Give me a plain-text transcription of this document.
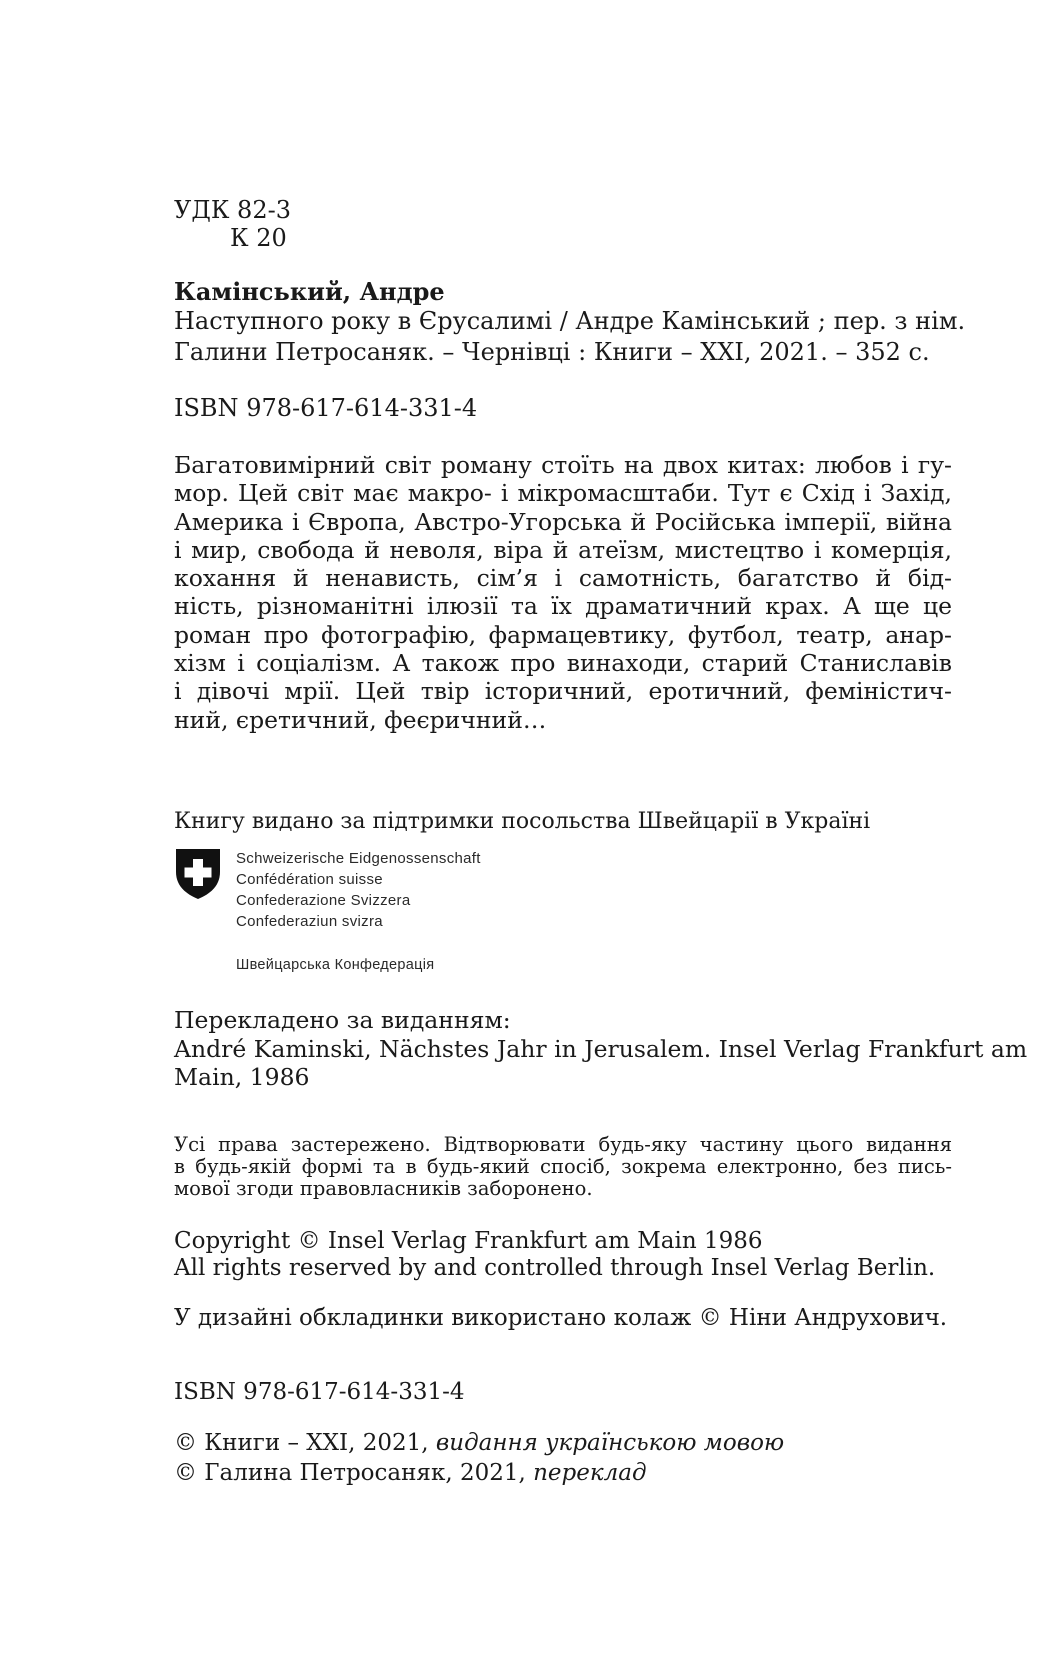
УДК 82-3
К 20
Камінський, Андре
Наступного року в Єрусалимі / Андре Камінський ; пер. з нім.
Галини Петросаняк. – Чернівці : Книги – ХХІ, 2021. – 352 с.
ISBN 978-617-614-331-4
Багатовимірний світ роману стоїть на двох китах: любов і гу-
мор. Цей світ має макро- і мікромасштаби. Тут є Схід і Захід,
Америка і Європа, Австро-Угорська й Російська імперії, війна
і мир, свобода й неволя, віра й атеїзм, мистецтво і комерція,
кохання й ненависть, сім’я і самотність, багатство й бід-
ність, різноманітні ілюзії та їх драматичний крах. А ще це
роман про фотографію, фармацевтику, футбол, театр, анар-
хізм і соціалізм. А також про винаходи, старий Станиславів
і дівочі мрії. Цей твір історичний, еротичний, феміністич-
ний, єретичний, феєричний…
Книгу видано за підтримки посольства Швейцарії в Україні
Schweizerische Eidgenossenschaft
Confédération suisse
Confederazione Svizzera
Confederaziun svizra
Швейцарська Конфедерація
Перекладено за виданням:
André Kaminski, Nächstes Jahr in Jerusalem. Insel Verlag Frankfurt am
Main, 1986
Усі права застережено. Відтворювати будь-яку частину цього видання
в будь-якій формі та в будь-який спосіб, зокрема електронно, без пись-
мової згоди правовласників заборонено.
Copyright © Insel Verlag Frankfurt am Main 1986
All rights reserved by and controlled through Insel Verlag Berlin.
У дизайні обкладинки використано колаж © Ніни Андрухович.
ISBN 978-617-614-331-4
© Книги – ХХІ, 2021, видання українською мовою
© Галина Петросаняк, 2021, переклад
